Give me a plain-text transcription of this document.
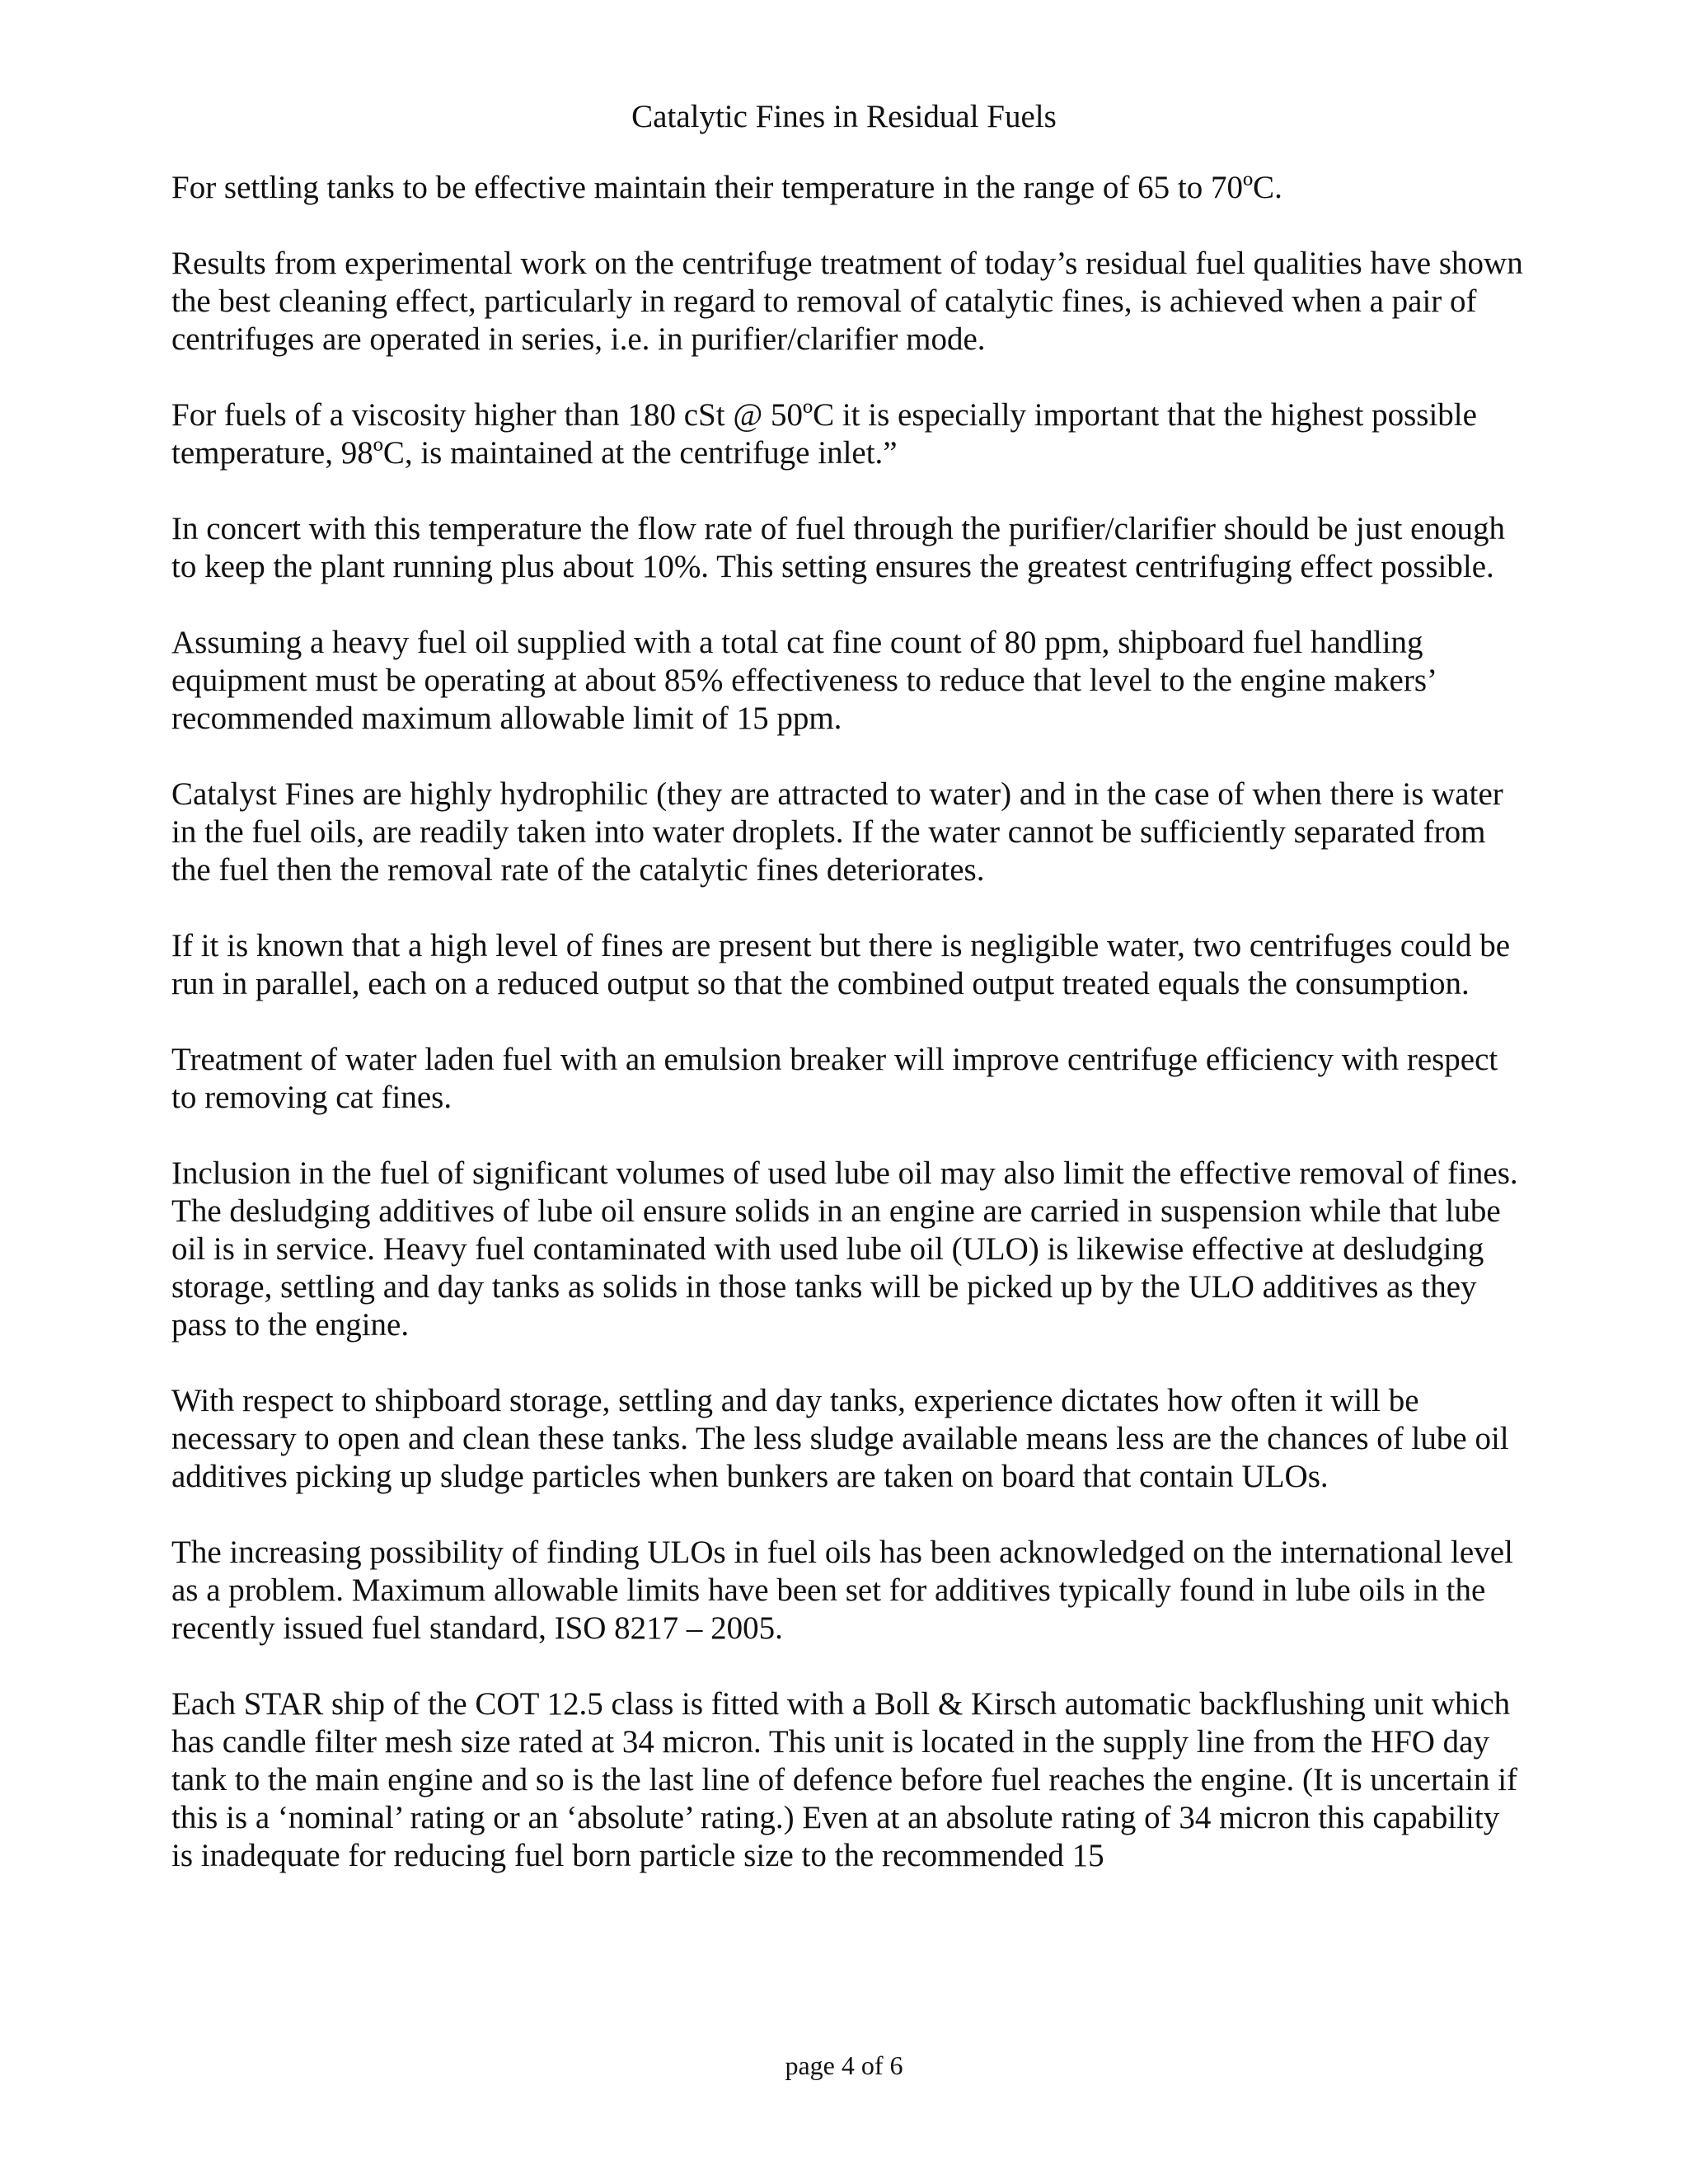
Catalytic Fines in Residual Fuels

For settling tanks to be effective maintain their temperature in the range of 65 to 70ºC.

Results from experimental work on the centrifuge treatment of today’s residual fuel qualities have shown the best cleaning effect, particularly in regard to removal of catalytic fines, is achieved when a pair of centrifuges are operated in series, i.e. in purifier/clarifier mode.

For fuels of a viscosity higher than 180 cSt @ 50ºC it is especially important that the highest possible temperature, 98ºC, is maintained at the centrifuge inlet.”

In concert with this temperature the flow rate of fuel through the purifier/clarifier should be just enough to keep the plant running plus about 10%. This setting ensures the greatest centrifuging effect possible.

Assuming a heavy fuel oil supplied with a total cat fine count of 80 ppm, shipboard fuel handling equipment must be operating at about 85% effectiveness to reduce that level to the engine makers’ recommended maximum allowable limit of 15 ppm.

Catalyst Fines are highly hydrophilic (they are attracted to water) and in the case of when there is water in the fuel oils, are readily taken into water droplets. If the water cannot be sufficiently separated from the fuel then the removal rate of the catalytic fines deteriorates.

If it is known that a high level of fines are present but there is negligible water, two centrifuges could be run in parallel, each on a reduced output so that the combined output treated equals the consumption.

Treatment of water laden fuel with an emulsion breaker will improve centrifuge efficiency with respect to removing cat fines.

Inclusion in the fuel of significant volumes of used lube oil may also limit the effective removal of fines. The desludging additives of lube oil ensure solids in an engine are carried in suspension while that lube oil is in service. Heavy fuel contaminated with used lube oil (ULO) is likewise effective at desludging storage, settling and day tanks as solids in those tanks will be picked up by the ULO additives as they pass to the engine.

With respect to shipboard storage, settling and day tanks, experience dictates how often it will be necessary to open and clean these tanks. The less sludge available means less are the chances of lube oil additives picking up sludge particles when bunkers are taken on board that contain ULOs.

The increasing possibility of finding ULOs in fuel oils has been acknowledged on the international level as a problem. Maximum allowable limits have been set for additives typically found in lube oils in the recently issued fuel standard, ISO 8217 – 2005.

Each STAR ship of the COT 12.5 class is fitted with a Boll & Kirsch automatic backflushing unit which has candle filter mesh size rated at 34 micron. This unit is located in the supply line from the HFO day tank to the main engine and so is the last line of defence before fuel reaches the engine. (It is uncertain if this is a ‘nominal’ rating or an ‘absolute’ rating.) Even at an absolute rating of 34 micron this capability is inadequate for reducing fuel born particle size to the recommended 15

page 4 of 6
